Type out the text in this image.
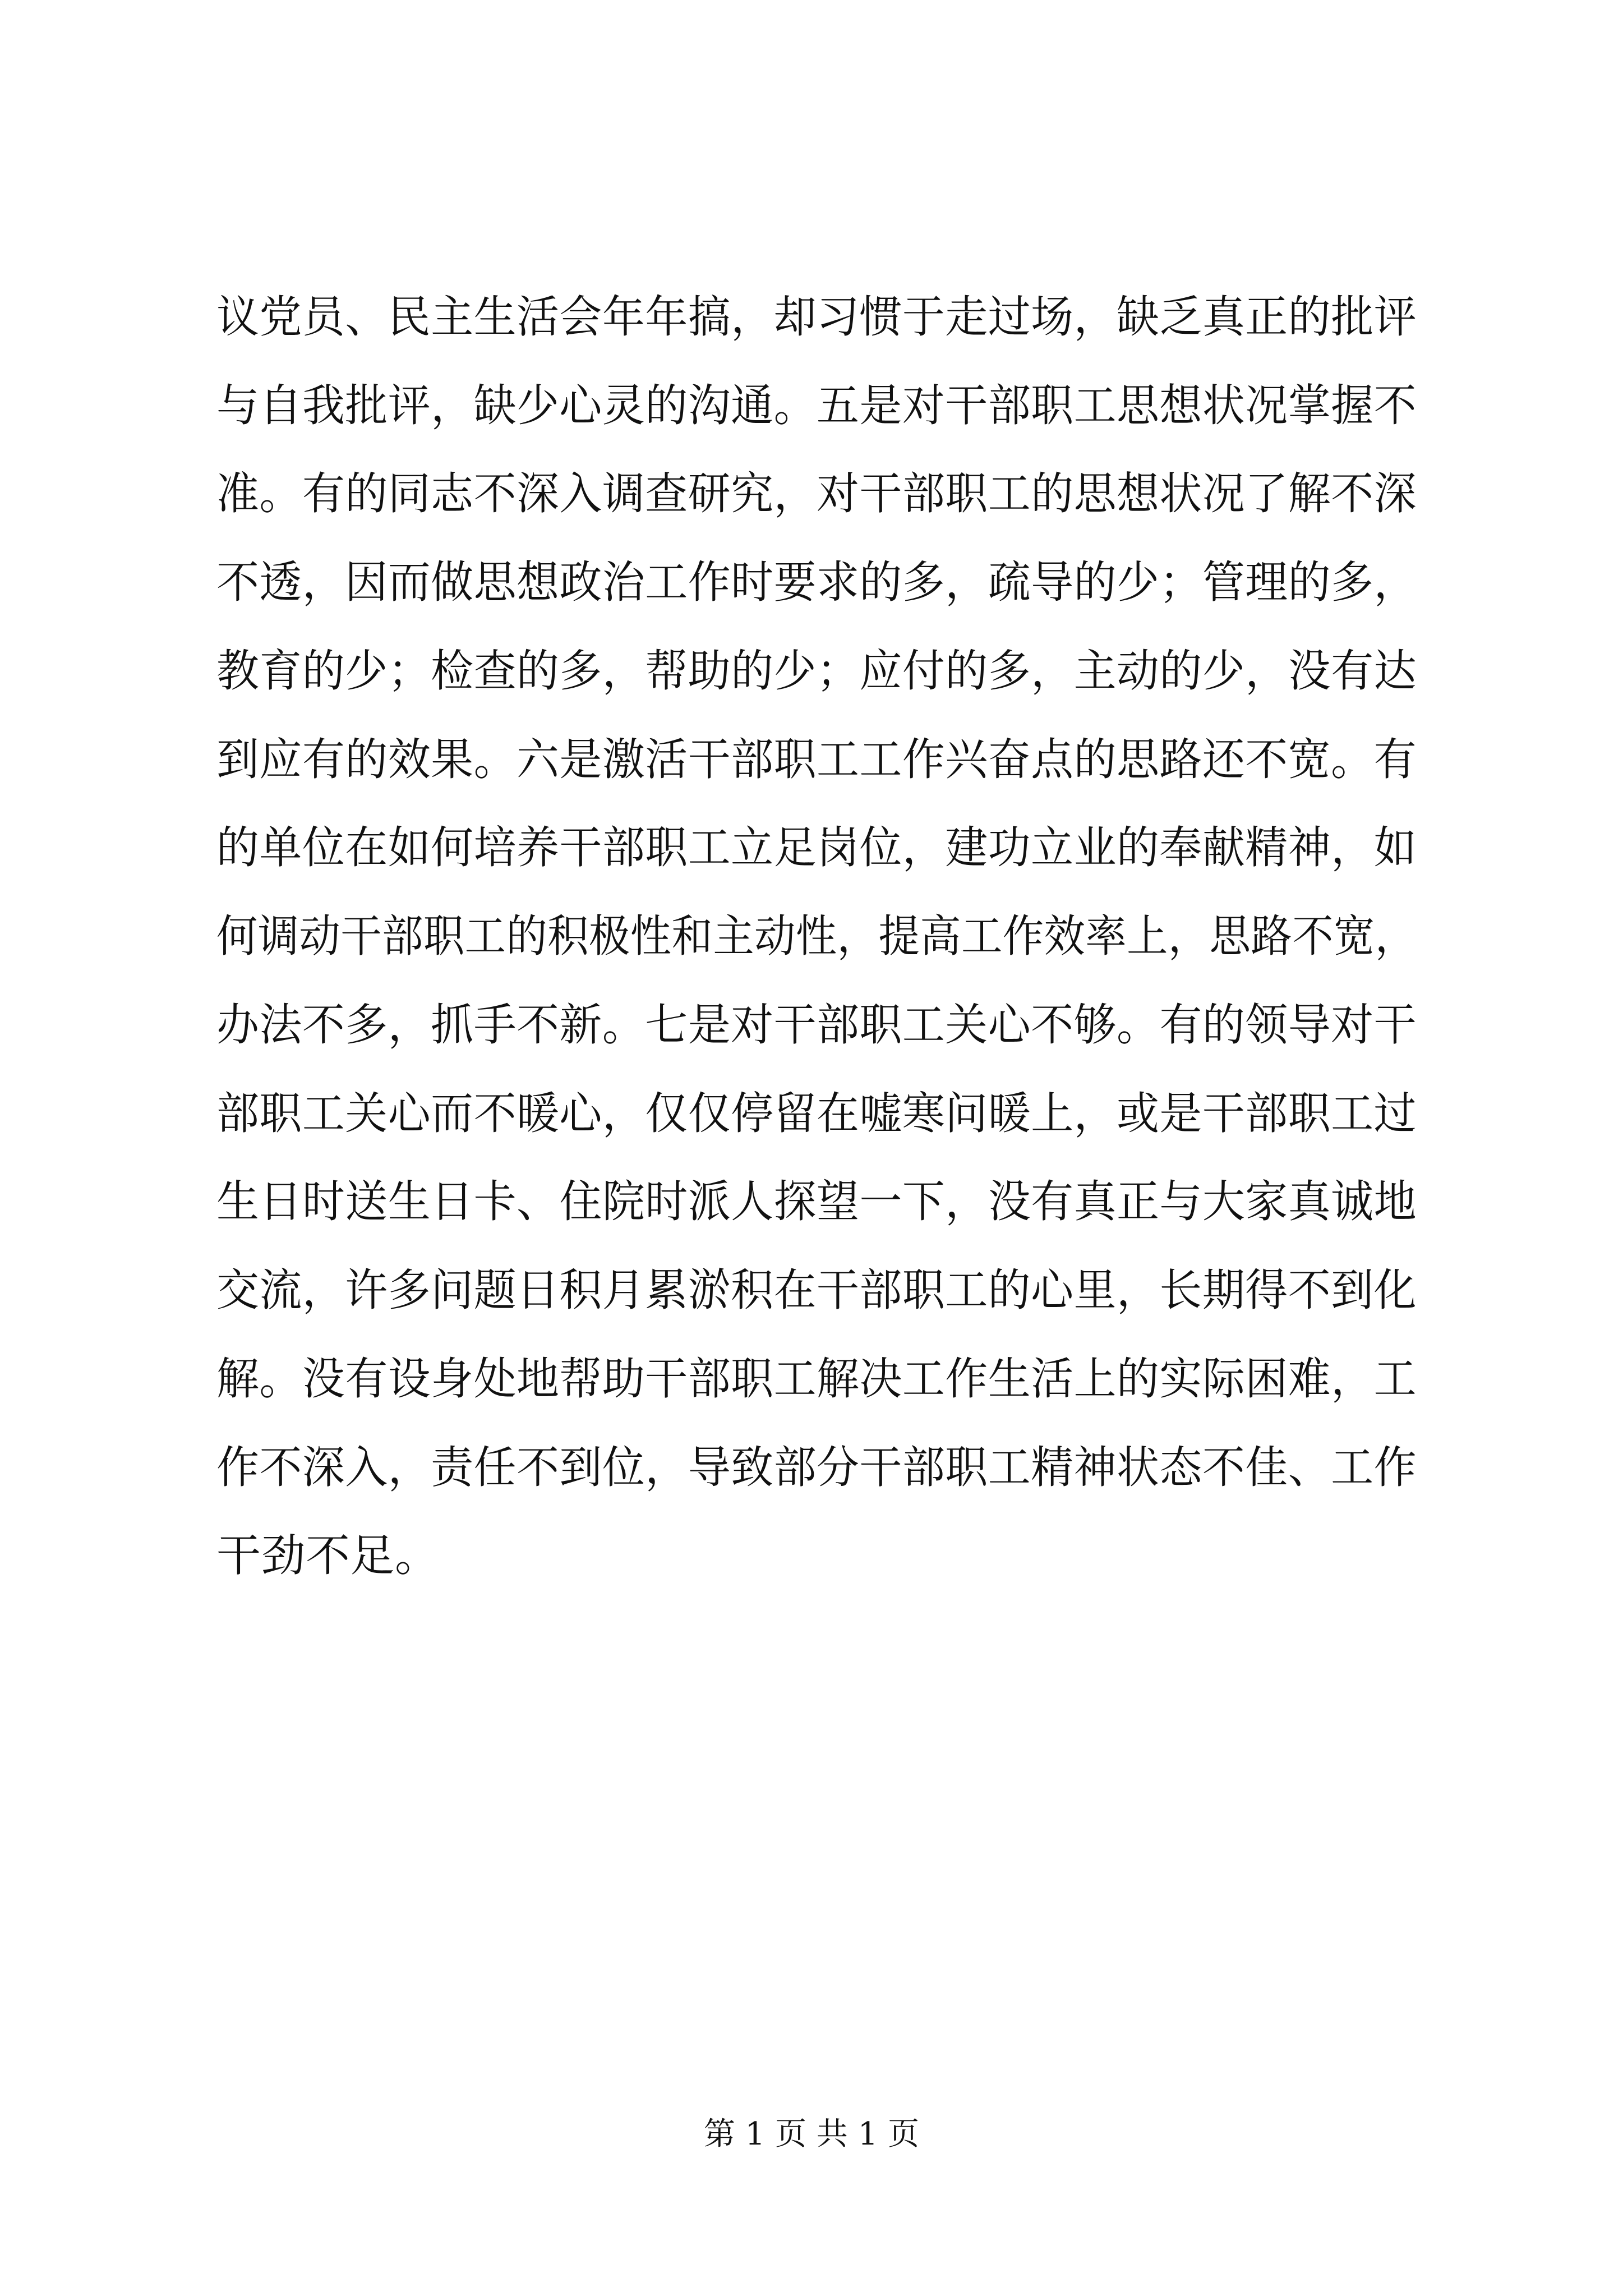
议党员、民主生活会年年搞，却习惯于走过场，缺乏真正的批评
与自我批评，缺少心灵的沟通。五是对干部职工思想状况掌握不
准。有的同志不深入调查研究，对干部职工的思想状况了解不深
不透，因而做思想政治工作时要求的多，疏导的少；管理的多，
教育的少；检查的多，帮助的少；应付的多，主动的少，没有达
到应有的效果。六是激活干部职工工作兴奋点的思路还不宽。有
的单位在如何培养干部职工立足岗位，建功立业的奉献精神，如
何调动干部职工的积极性和主动性，提高工作效率上，思路不宽，
办法不多，抓手不新。七是对干部职工关心不够。有的领导对干
部职工关心而不暖心，仅仅停留在嘘寒问暖上，或是干部职工过
生日时送生日卡、住院时派人探望一下，没有真正与大家真诚地
交流，许多问题日积月累淤积在干部职工的心里，长期得不到化
解。没有设身处地帮助干部职工解决工作生活上的实际困难，工
作不深入，责任不到位，导致部分干部职工精神状态不佳、工作
干劲不足。
第 1 页 共 1 页
